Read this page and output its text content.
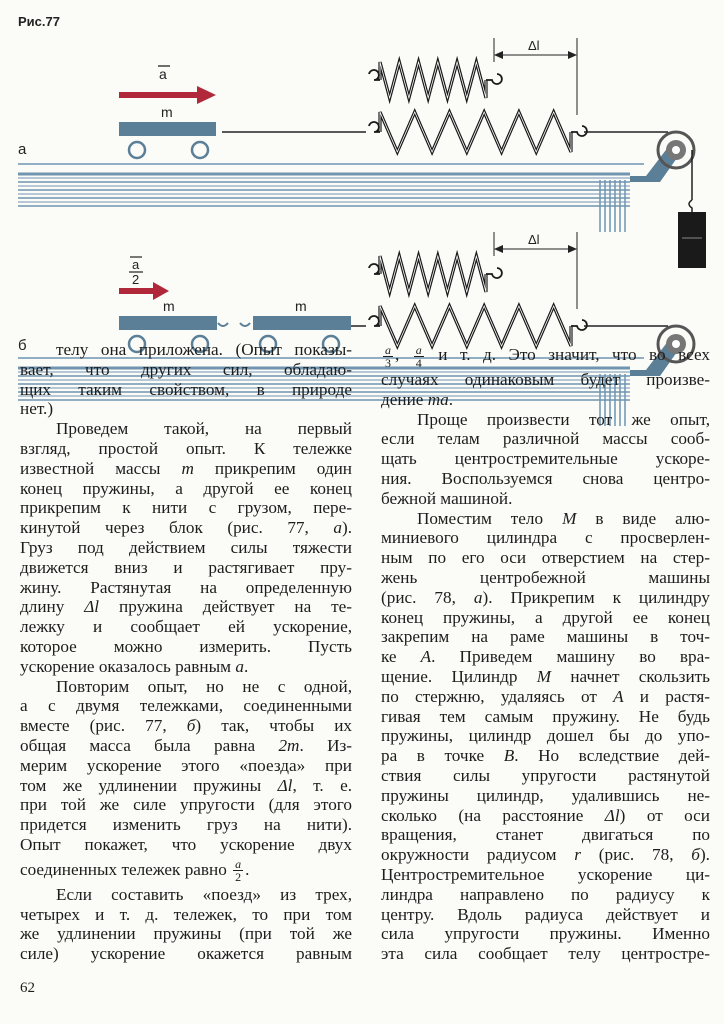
Рис.77
а
a
m
Δl
б
a
2
m	m
Δl
телу она приложена. (Опыт показы-
вает, что других сил, обладаю-
щих таким свойством, в природе
нет.)
Проведем такой, на первый
взгляд, простой опыт. К тележке
известной массы m прикрепим один
конец пружины, а другой ее конец
прикрепим к нити с грузом, пере-
кинутой через блок (рис. 77, а).
Груз под действием силы тяжести
движется вниз и растягивает пру-
жину. Растянутая на определенную
длину Δl пружина действует на те-
лежку и сообщает ей ускорение,
которое можно измерить. Пусть
ускорение оказалось равным а.
Повторим опыт, но не с одной,
а с двумя тележками, соединенными
вместе (рис. 77, б) так, чтобы их
общая масса была равна 2m. Из-
мерим ускорение этого «поезда» при
том же удлинении пружины Δl, т. е.
при той же силе упругости (для этого
придется изменить груз на нити).
Опыт покажет, что ускорение двух
соединенных тележек равно $\frac{a}{2}$ .
Если составить «поезд» из трех,
четырех и т. д. тележек, то при том
же удлинении пружины (при той же
силе) ускорение окажется равным
$\frac{a}{3}$ , $\frac{a}{4}$ и т. д. Это значит, что во всех
случаях одинаковым будет произве-
дение ma.
Проще произвести тот же опыт,
если телам различной массы сооб-
щать центростремительные ускоре-
ния. Воспользуемся снова центро-
бежной машиной.
Поместим тело М в виде алю-
миниевого цилиндра с просверлен-
ным по его оси отверстием на стер-
жень центробежной машины
(рис. 78, а). Прикрепим к цилиндру
конец пружины, а другой ее конец
закрепим на раме машины в точ-
ке А. Приведем машину во вра-
щение. Цилиндр М начнет скользить
по стержню, удаляясь от А и растя-
гивая тем самым пружину. Не будь
пружины, цилиндр дошел бы до упо-
ра в точке В. Но вследствие дей-
ствия силы упругости растянутой
пружины цилиндр, удалившись не-
сколько (на расстояние Δl) от оси
вращения, станет двигаться по
окружности радиусом r (рис. 78, б).
Центростремительное ускорение ци-
линдра направлено по радиусу к
центру. Вдоль радиуса действует и
сила упругости пружины. Именно
эта сила сообщает телу центростре-
62
